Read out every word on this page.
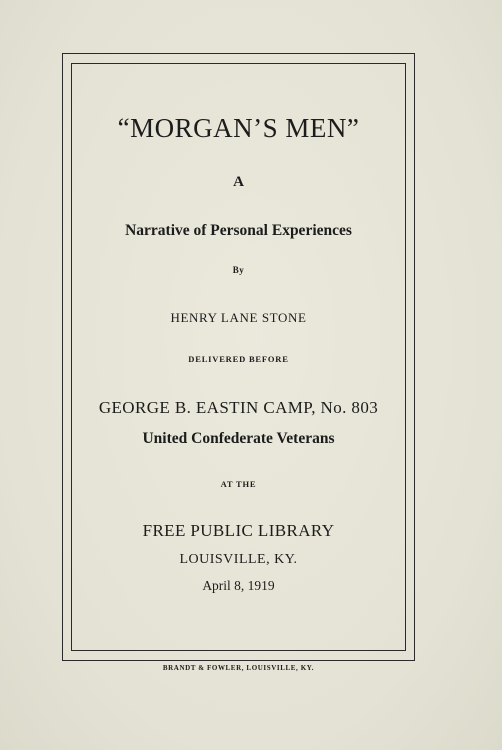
“MORGAN’S MEN”
A
Narrative of Personal Experiences
By
HENRY LANE STONE
DELIVERED BEFORE
GEORGE B. EASTIN CAMP, No. 803
United Confederate Veterans
AT THE
FREE PUBLIC LIBRARY
LOUISVILLE, KY.
April 8, 1919
BRANDT & FOWLER, LOUISVILLE, KY.
